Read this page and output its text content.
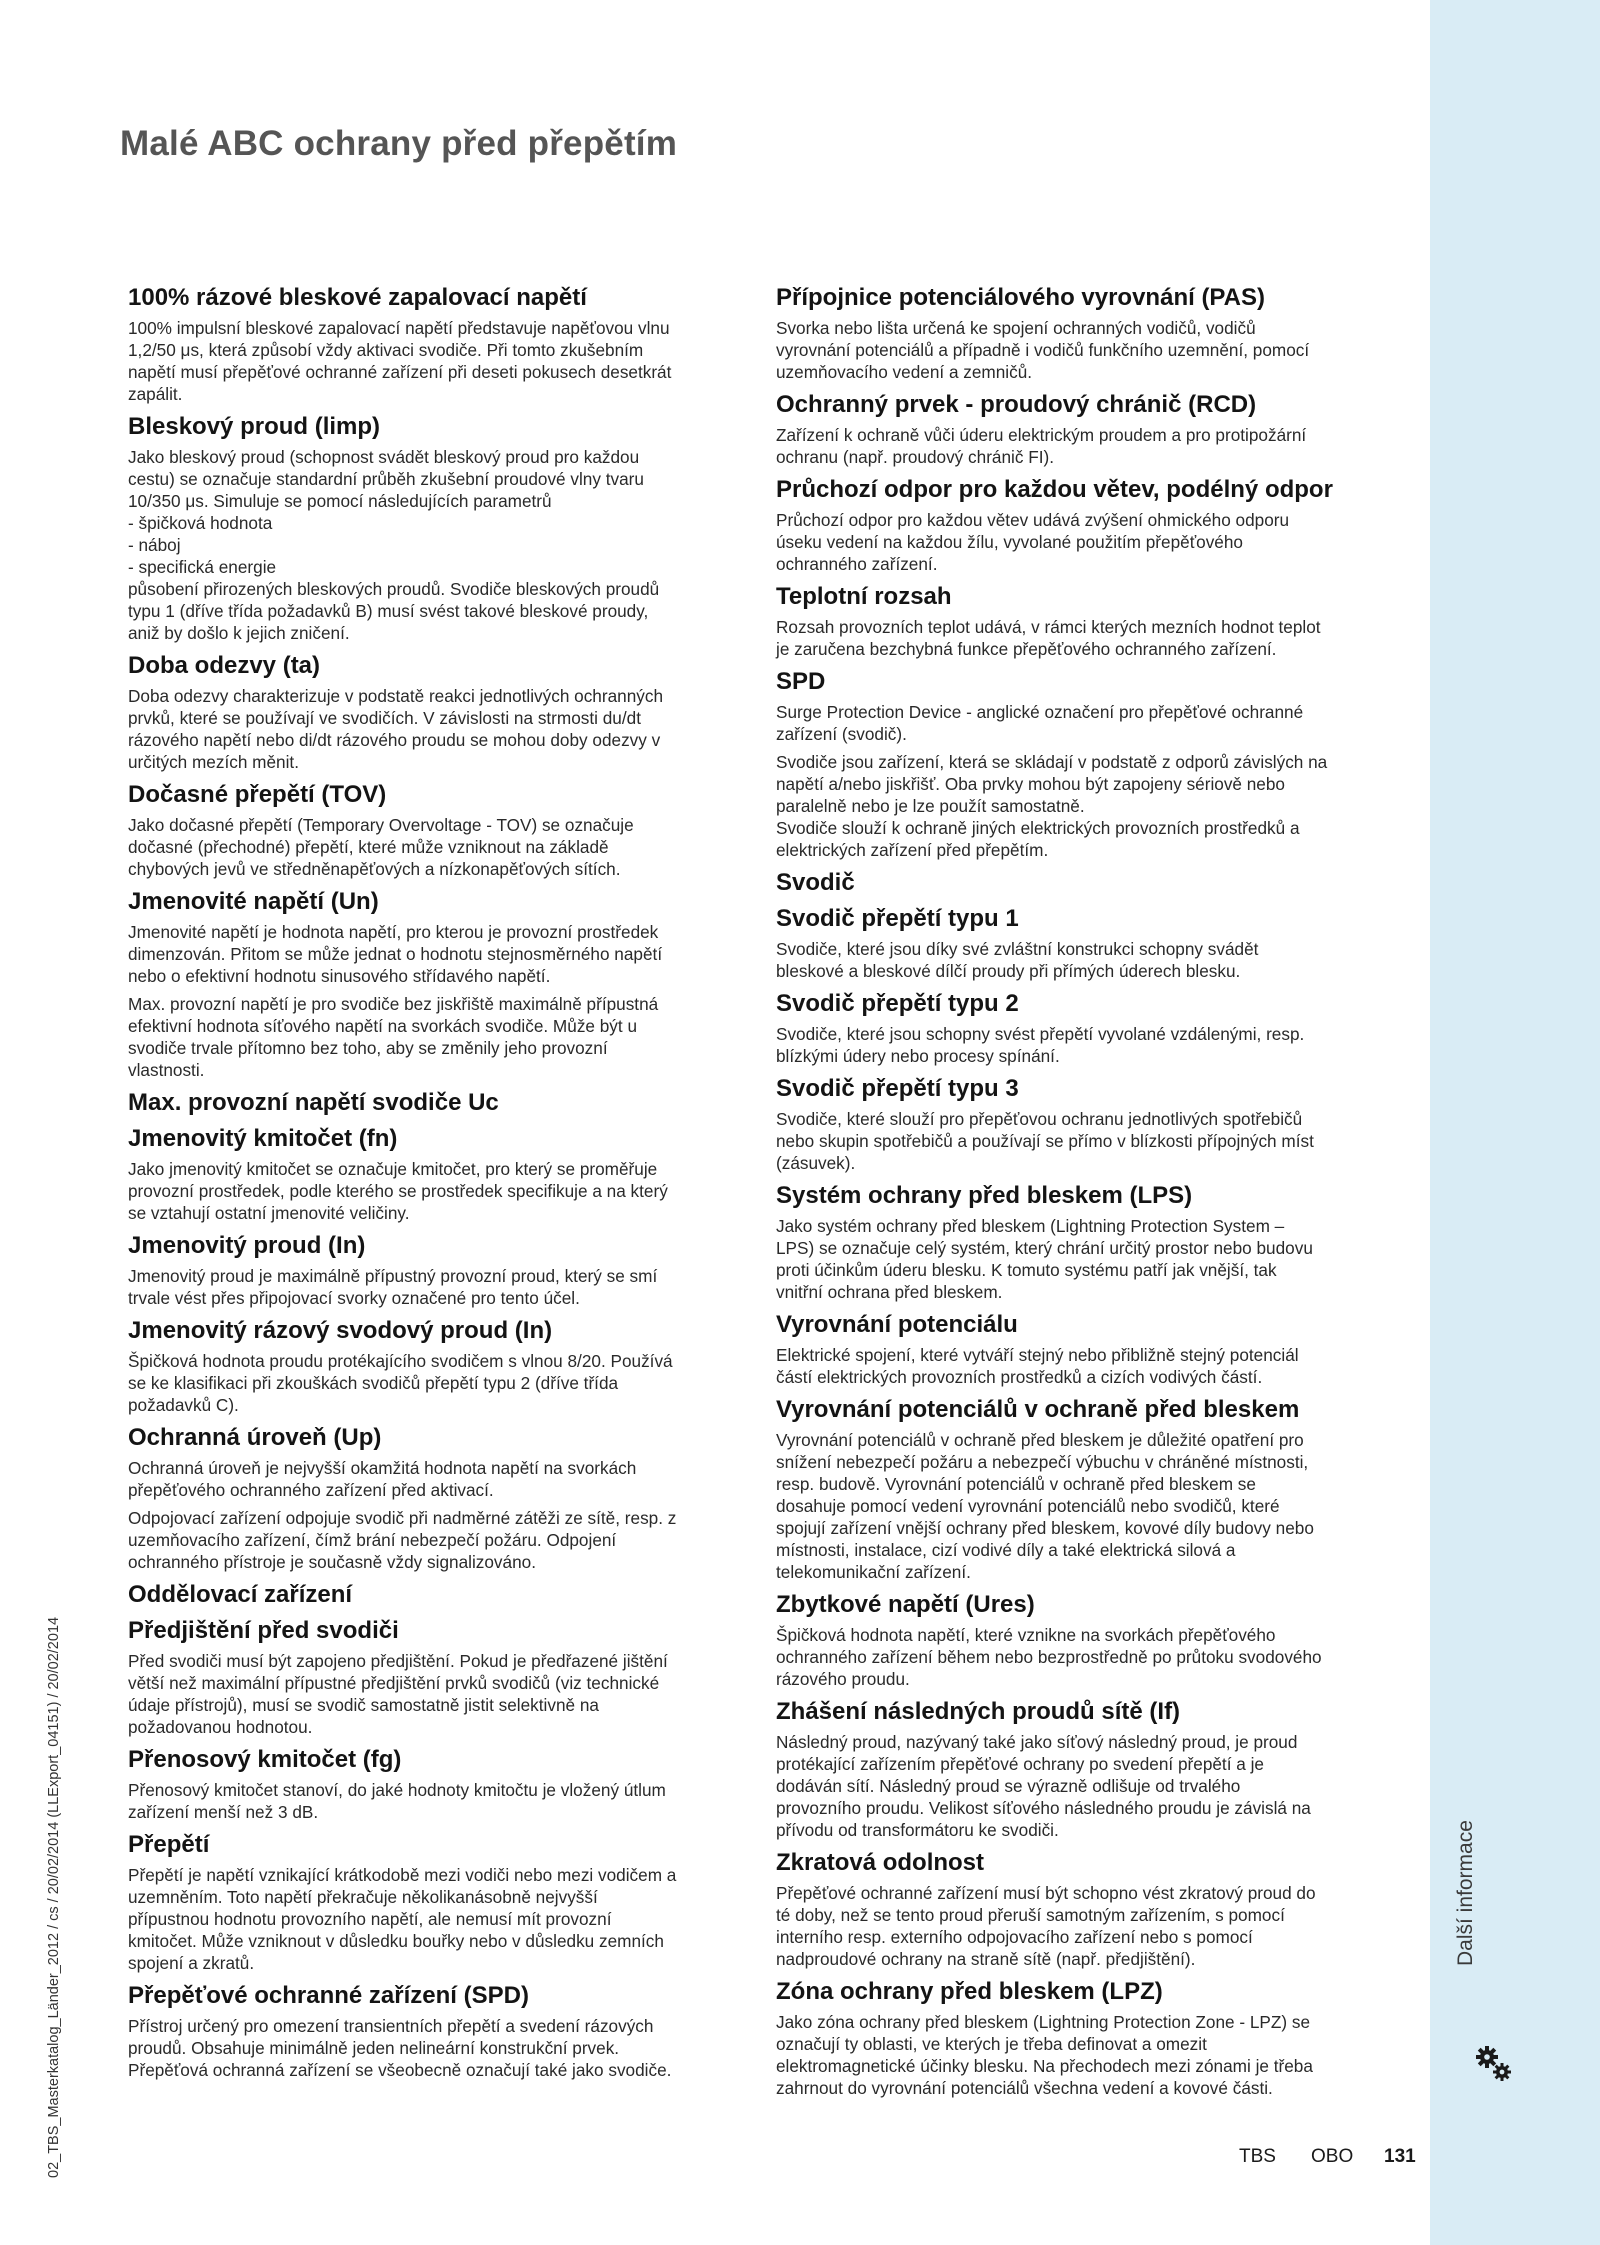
Další informace
Malé ABC ochrany před přepětím
100% rázové bleskové zapalovací napětí

100% impulsní bleskové zapalovací napětí představuje napěťovou vlnu
1,2/50 μs, která způsobí vždy aktivaci svodiče. Při tomto zkušebním
napětí musí přepěťové ochranné zařízení při deseti pokusech desetkrát
zapálit.

Bleskový proud (limp)

Jako bleskový proud (schopnost svádět bleskový proud pro každou
cestu) se označuje standardní průběh zkušební proudové vlny tvaru
10/350 μs. Simuluje se pomocí následujících parametrů
- špičková hodnota
- náboj
- specifická energie
působení přirozených bleskových proudů. Svodiče bleskových proudů
typu 1 (dříve třída požadavků B) musí svést takové bleskové proudy,
aniž by došlo k jejich zničení.

Doba odezvy (ta)

Doba odezvy charakterizuje v podstatě reakci jednotlivých ochranných
prvků, které se používají ve svodičích. V závislosti na strmosti du/dt
rázového napětí nebo di/dt rázového proudu se mohou doby odezvy v
určitých mezích měnit.

Dočasné přepětí (TOV)

Jako dočasné přepětí (Temporary Overvoltage - TOV) se označuje
dočasné (přechodné) přepětí, které může vzniknout na základě
chybových jevů ve středněnapěťových a nízkonapěťových sítích.

Jmenovité napětí (Un)

Jmenovité napětí je hodnota napětí, pro kterou je provozní prostředek
dimenzován. Přitom se může jednat o hodnotu stejnosměrného napětí
nebo o efektivní hodnotu sinusového střídavého napětí.

Max. provozní napětí je pro svodiče bez jiskřiště maximálně přípustná
efektivní hodnota síťového napětí na svorkách svodiče. Může být u
svodiče trvale přítomno bez toho, aby se změnily jeho provozní
vlastnosti.

Max. provozní napětí svodiče Uc
Jmenovitý kmitočet (fn)

Jako jmenovitý kmitočet se označuje kmitočet, pro který se proměřuje
provozní prostředek, podle kterého se prostředek specifikuje a na který
se vztahují ostatní jmenovité veličiny.

Jmenovitý proud (In)

Jmenovitý proud je maximálně přípustný provozní proud, který se smí
trvale vést přes připojovací svorky označené pro tento účel.

Jmenovitý rázový svodový proud (In)

Špičková hodnota proudu protékajícího svodičem s vlnou 8/20. Používá
se ke klasifikaci při zkouškách svodičů přepětí typu 2 (dříve třída
požadavků C).

Ochranná úroveň (Up)

Ochranná úroveň je nejvyšší okamžitá hodnota napětí na svorkách
přepěťového ochranného zařízení před aktivací.

Odpojovací zařízení odpojuje svodič při nadměrné zátěži ze sítě, resp. z
uzemňovacího zařízení, čímž brání nebezpečí požáru. Odpojení
ochranného přístroje je současně vždy signalizováno.

Oddělovací zařízení
Předjištění před svodiči

Před svodiči musí být zapojeno předjištění. Pokud je předřazené jištění
větší než maximální přípustné předjištění prvků svodičů (viz technické
údaje přístrojů), musí se svodič samostatně jistit selektivně na
požadovanou hodnotou.

Přenosový kmitočet (fg)

Přenosový kmitočet stanoví, do jaké hodnoty kmitočtu je vložený útlum
zařízení menší než 3 dB.

Přepětí

Přepětí je napětí vznikající krátkodobě mezi vodiči nebo mezi vodičem a
uzemněním. Toto napětí překračuje několikanásobně nejvyšší
přípustnou hodnotu provozního napětí, ale nemusí mít provozní
kmitočet. Může vzniknout v důsledku bouřky nebo v důsledku zemních
spojení a zkratů.

Přepěťové ochranné zařízení (SPD)

Přístroj určený pro omezení transientních přepětí a svedení rázových
proudů. Obsahuje minimálně jeden nelineární konstrukční prvek.
Přepěťová ochranná zařízení se všeobecně označují také jako svodiče.

Přípojnice potenciálového vyrovnání (PAS)

Svorka nebo lišta určená ke spojení ochranných vodičů, vodičů
vyrovnání potenciálů a případně i vodičů funkčního uzemnění, pomocí
uzemňovacího vedení a zemničů.

Ochranný prvek - proudový chránič (RCD)

Zařízení k ochraně vůči úderu elektrickým proudem a pro protipožární
ochranu (např. proudový chránič FI).

Průchozí odpor pro každou větev, podélný odpor

Průchozí odpor pro každou větev udává zvýšení ohmického odporu
úseku vedení na každou žílu, vyvolané použitím přepěťového
ochranného zařízení.

Teplotní rozsah

Rozsah provozních teplot udává, v rámci kterých mezních hodnot teplot
je zaručena bezchybná funkce přepěťového ochranného zařízení.

SPD

Surge Protection Device - anglické označení pro přepěťové ochranné
zařízení (svodič).

Svodiče jsou zařízení, která se skládají v podstatě z odporů závislých na
napětí a/nebo jiskřišť. Oba prvky mohou být zapojeny sériově nebo
paralelně nebo je lze použít samostatně.
Svodiče slouží k ochraně jiných elektrických provozních prostředků a
elektrických zařízení před přepětím.

Svodič
Svodič přepětí typu 1

Svodiče, které jsou díky své zvláštní konstrukci schopny svádět
bleskové a bleskové dílčí proudy při přímých úderech blesku.

Svodič přepětí typu 2

Svodiče, které jsou schopny svést přepětí vyvolané vzdálenými, resp.
blízkými údery nebo procesy spínání.

Svodič přepětí typu 3

Svodiče, které slouží pro přepěťovou ochranu jednotlivých spotřebičů
nebo skupin spotřebičů a používají se přímo v blízkosti přípojných míst
(zásuvek).

Systém ochrany před bleskem (LPS)

Jako systém ochrany před bleskem (Lightning Protection System –
LPS) se označuje celý systém, který chrání určitý prostor nebo budovu
proti účinkům úderu blesku. K tomuto systému patří jak vnější, tak
vnitřní ochrana před bleskem.

Vyrovnání potenciálu

Elektrické spojení, které vytváří stejný nebo přibližně stejný potenciál
částí elektrických provozních prostředků a cizích vodivých částí.

Vyrovnání potenciálů v ochraně před bleskem

Vyrovnání potenciálů v ochraně před bleskem je důležité opatření pro
snížení nebezpečí požáru a nebezpečí výbuchu v chráněné místnosti,
resp. budově. Vyrovnání potenciálů v ochraně před bleskem se
dosahuje pomocí vedení vyrovnání potenciálů nebo svodičů, které
spojují zařízení vnější ochrany před bleskem, kovové díly budovy nebo
místnosti, instalace, cizí vodivé díly a také elektrická silová a
telekomunikační zařízení.

Zbytkové napětí (Ures)

Špičková hodnota napětí, které vznikne na svorkách přepěťového
ochranného zařízení během nebo bezprostředně po průtoku svodového
rázového proudu.

Zhášení následných proudů sítě (If)

Následný proud, nazývaný také jako síťový následný proud, je proud
protékající zařízením přepěťové ochrany po svedení přepětí a je
dodáván sítí. Následný proud se výrazně odlišuje od trvalého
provozního proudu. Velikost síťového následného proudu je závislá na
přívodu od transformátoru ke svodiči.

Zkratová odolnost

Přepěťové ochranné zařízení musí být schopno vést zkratový proud do
té doby, než se tento proud přeruší samotným zařízením, s pomocí
interního resp. externího odpojovacího zařízení nebo s pomocí
nadproudové ochrany na straně sítě (např. předjištění).

Zóna ochrany před bleskem (LPZ)

Jako zóna ochrany před bleskem (Lightning Protection Zone - LPZ) se
označují ty oblasti, ve kterých je třeba definovat a omezit
elektromagnetické účinky blesku. Na přechodech mezi zónami je třeba
zahrnout do vyrovnání potenciálů všechna vedení a kovové části.

02_TBS_Masterkatalog_Länder_2012 / cs / 20/02/2014 (LLExport_04151) / 20/02/2014	TBS OBO 131
